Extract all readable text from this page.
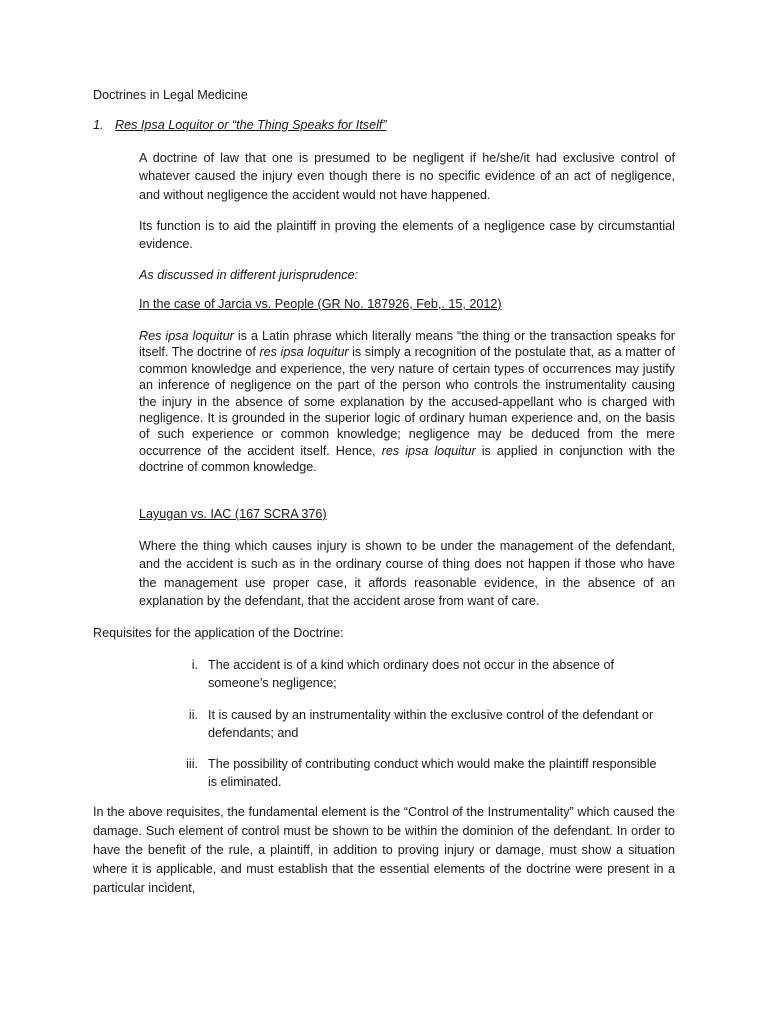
Doctrines in Legal Medicine
1. Res Ipsa Loquitor or “the Thing Speaks for Itself”

A doctrine of law that one is presumed to be negligent if he/she/it had exclusive control of whatever caused the injury even though there is no specific evidence of an act of negligence, and without negligence the accident would not have happened.

Its function is to aid the plaintiff in proving the elements of a negligence case by circumstantial evidence.

As discussed in different jurisprudence:

In the case of Jarcia vs. People (GR No. 187926, Feb,. 15, 2012)

Res ipsa loquitur is a Latin phrase which literally means “the thing or the transaction speaks for itself. The doctrine of res ipsa loquitur is simply a recognition of the postulate that, as a matter of common knowledge and experience, the very nature of certain types of occurrences may justify an inference of negligence on the part of the person who controls the instrumentality causing the injury in the absence of some explanation by the accused-appellant who is charged with negligence. It is grounded in the superior logic of ordinary human experience and, on the basis of such experience or common knowledge; negligence may be deduced from the mere occurrence of the accident itself. Hence, res ipsa loquitur is applied in conjunction with the doctrine of common knowledge.

Layugan vs. IAC (167 SCRA 376)

Where the thing which causes injury is shown to be under the management of the defendant, and the accident is such as in the ordinary course of thing does not happen if those who have the management use proper case, it affords reasonable evidence, in the absence of an explanation by the defendant, that the accident arose from want of care.

Requisites for the application of the Doctrine:

i. The accident is of a kind which ordinary does not occur in the absence of someone’s negligence;
ii. It is caused by an instrumentality within the exclusive control of the defendant or defendants; and
iii. The possibility of contributing conduct which would make the plaintiff responsible is eliminated.

In the above requisites, the fundamental element is the “Control of the Instrumentality” which caused the damage. Such element of control must be shown to be within the dominion of the defendant. In order to have the benefit of the rule, a plaintiff, in addition to proving injury or damage, must show a situation where it is applicable, and must establish that the essential elements of the doctrine were present in a particular incident,
